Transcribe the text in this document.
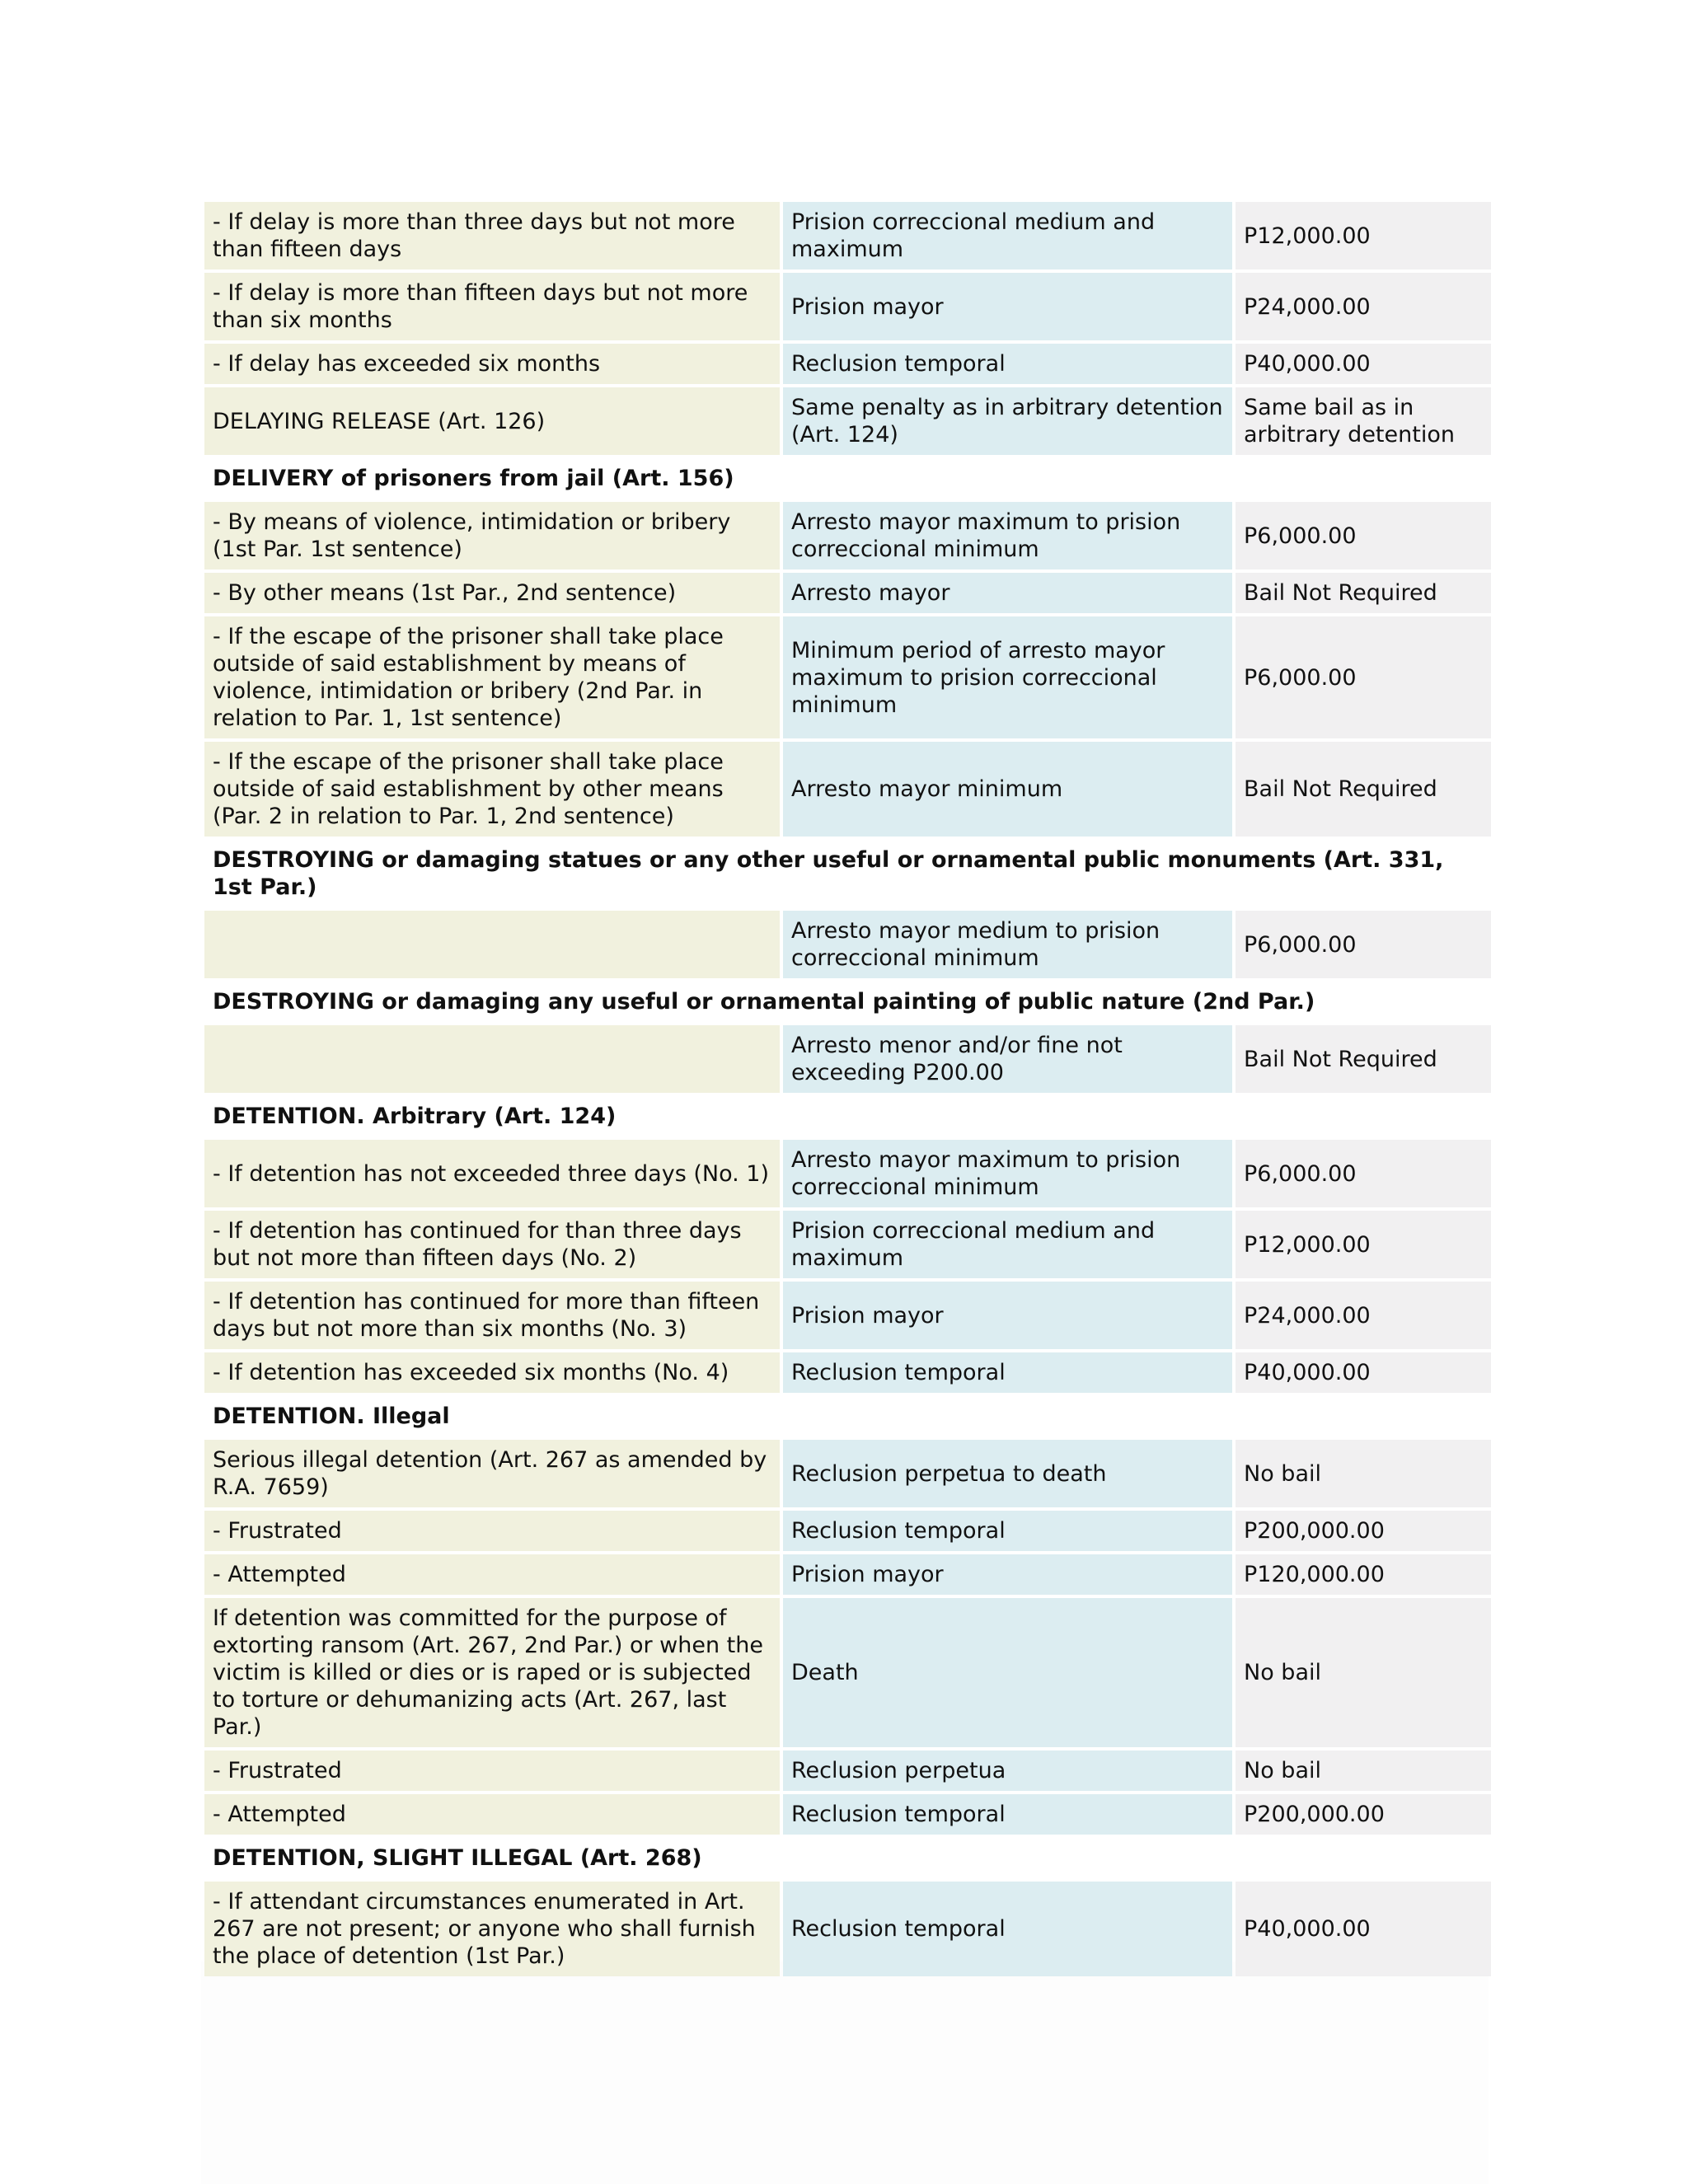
- If delay is more than three days but not more than fifteen days	Prision correccional medium and maximum	P12,000.00
- If delay is more than fifteen days but not more than six months	Prision mayor	P24,000.00
- If delay has exceeded six months	Reclusion temporal	P40,000.00
DELAYING RELEASE (Art. 126)	Same penalty as in arbitrary detention (Art. 124)	Same bail as in arbitrary detention
DELIVERY of prisoners from jail (Art. 156)		
- By means of violence, intimidation or bribery (1st Par. 1st sentence)	Arresto mayor maximum to prision correccional minimum	P6,000.00
- By other means (1st Par., 2nd sentence)	Arresto mayor	Bail Not Required
- If the escape of the prisoner shall take place outside of said establishment by means of violence, intimidation or bribery (2nd Par. in relation to Par. 1, 1st sentence)	Minimum period of arresto mayor maximum to prision correccional minimum	P6,000.00
- If the escape of the prisoner shall take place outside of said establishment by other means (Par. 2 in relation to Par. 1, 2nd sentence)	Arresto mayor minimum	Bail Not Required
DESTROYING or damaging statues or any other useful or ornamental public monuments (Art. 331, 1st Par.)		
	Arresto mayor medium to prision correccional minimum	P6,000.00
DESTROYING or damaging any useful or ornamental painting of public nature (2nd Par.)		
	Arresto menor and/or fine not exceeding P200.00	Bail Not Required
DETENTION. Arbitrary (Art. 124)		
- If detention has not exceeded three days (No. 1)	Arresto mayor maximum to prision correccional minimum	P6,000.00
- If detention has continued for than three days but not more than fifteen days (No. 2)	Prision correccional medium and maximum	P12,000.00
- If detention has continued for more than fifteen days but not more than six months (No. 3)	Prision mayor	P24,000.00
- If detention has exceeded six months (No. 4)	Reclusion temporal	P40,000.00
DETENTION. Illegal		
Serious illegal detention (Art. 267 as amended by R.A. 7659)	Reclusion perpetua to death	No bail
- Frustrated	Reclusion temporal	P200,000.00
- Attempted	Prision mayor	P120,000.00
If detention was committed for the purpose of extorting ransom (Art. 267, 2nd Par.) or when the victim is killed or dies or is raped or is subjected to torture or dehumanizing acts (Art. 267, last Par.)	Death	No bail
- Frustrated	Reclusion perpetua	No bail
- Attempted	Reclusion temporal	P200,000.00
DETENTION, SLIGHT ILLEGAL (Art. 268)		
- If attendant circumstances enumerated in Art. 267 are not present; or anyone who shall furnish the place of detention (1st Par.)	Reclusion temporal	P40,000.00
